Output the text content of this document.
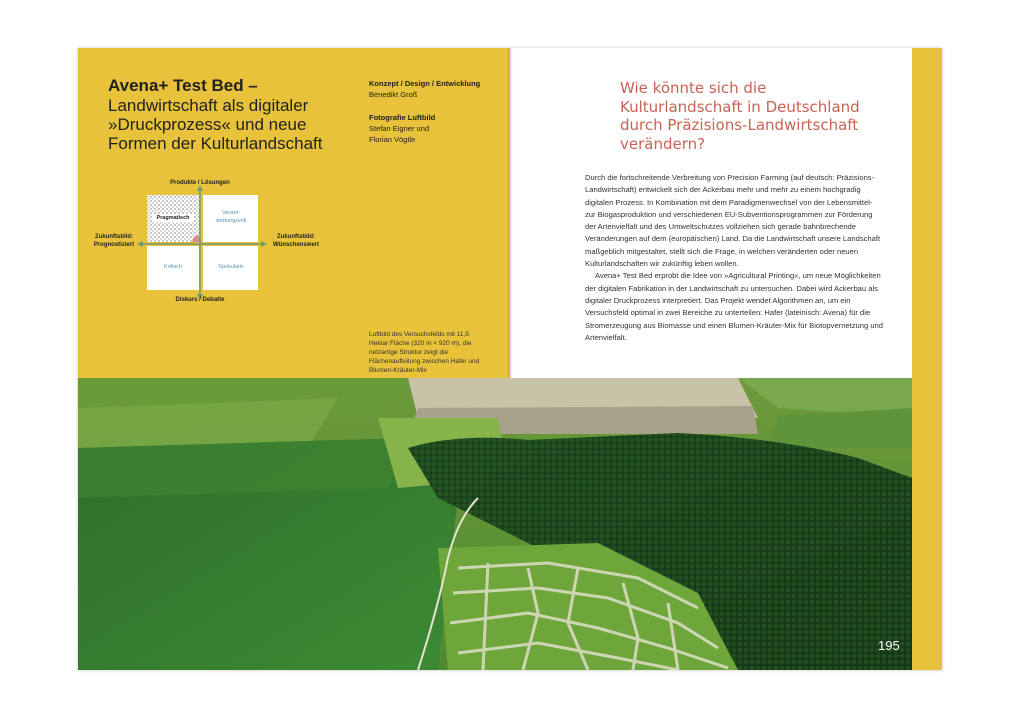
Avena+ Test Bed –
Landwirtschaft als digitaler »Druckprozess« und neue Formen der Kulturlandschaft
Konzept / Design / Entwicklung
Benedikt Groß
Fotografie Luftbild
Stefan Eigner und
Florian Vögtle
Produkte / Lösungen
Diskurs / Debatte
Zukunftsbild:
Prognostiziert
Zukunftsbild:
Wünschenswert
Pragmatisch
Verant-
wortungsvoll
Kritisch	Spekulativ
Luftbild des Versuchsfelds mit 11,5 Hektar Fläche (320 m × 920 m), die netzartige Struktur zeigt die Flächenaufteilung zwischen Hafer und Blumen-Kräuter-Mix
Wie könnte sich die Kulturlandschaft in Deutschland durch Präzisions-Landwirtschaft verändern?

Durch die fortschreitende Verbreitung von Precision Farming (auf deutsch: Präzisions-Landwirtschaft) entwickelt sich der Ackerbau mehr und mehr zu einem hochgradig digitalen Prozess. In Kombination mit dem Paradigmenwechsel von der Lebensmittel- zur Biogasproduktion und verschiedenen EU-Subventionsprogrammen zur Förderung der Artenvielfalt und des Umweltschutzes vollziehen sich gerade bahnbrechende Veränderungen auf dem (europäischen) Land. Da die Landwirtschaft unsere Landschaft maßgeblich mitgestaltet, stellt sich die Frage, in welchen veränderten oder neuen Kulturlandschaften wir zukünftig leben wollen.

Avena+ Test Bed erprobt die Idee von »Agricultural Printing«, um neue Möglichkeiten der digitalen Fabrikation in der Landwirtschaft zu untersuchen. Dabei wird Ackerbau als digitaler Druckprozess interpretiert. Das Projekt wendet Algorithmen an, um ein Versuchsfeld optimal in zwei Bereiche zu unterteilen: Hafer (lateinisch: Avena) für die Stromerzeugung aus Biomasse und einen Blumen-Kräuter-Mix für Biotopvernetzung und Artenvielfalt.

195
